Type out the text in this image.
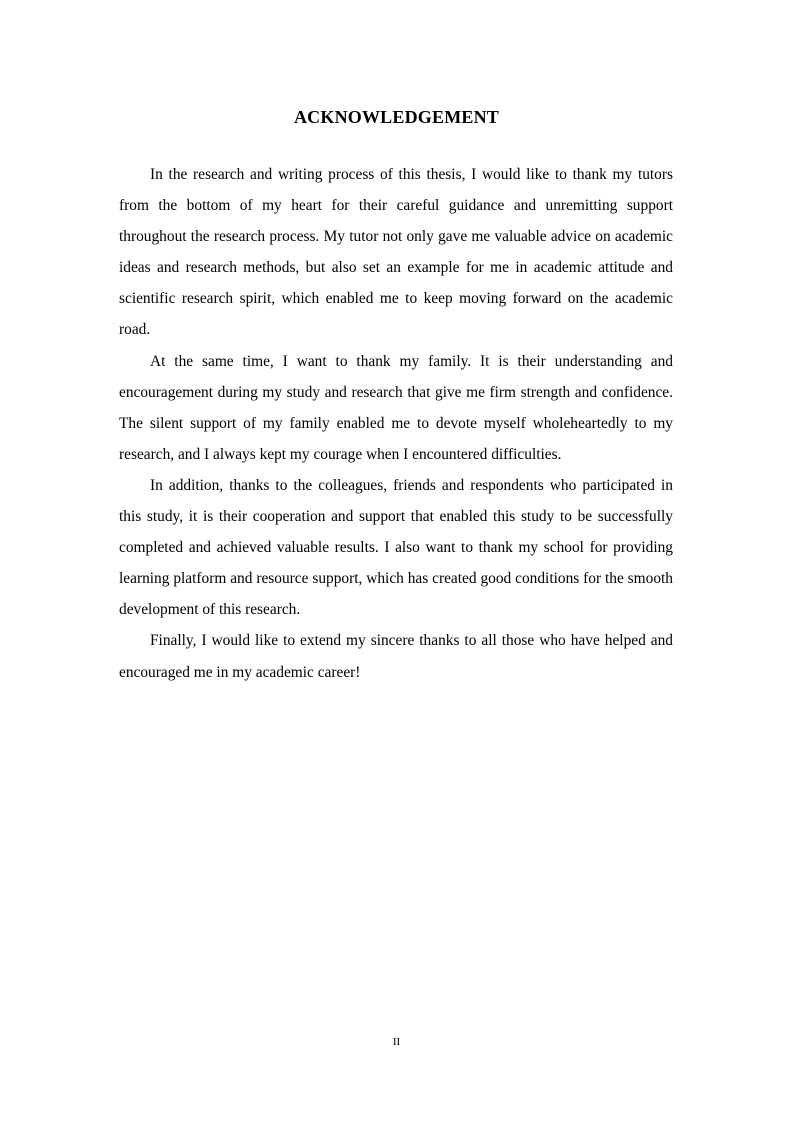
ACKNOWLEDGEMENT

In the research and writing process of this thesis, I would like to thank my tutors from the bottom of my heart for their careful guidance and unremitting support throughout the research process. My tutor not only gave me valuable advice on academic ideas and research methods, but also set an example for me in academic attitude and scientific research spirit, which enabled me to keep moving forward on the academic road.

At the same time, I want to thank my family. It is their understanding and encouragement during my study and research that give me firm strength and confidence. The silent support of my family enabled me to devote myself wholeheartedly to my research, and I always kept my courage when I encountered difficulties.

In addition, thanks to the colleagues, friends and respondents who participated in this study, it is their cooperation and support that enabled this study to be successfully completed and achieved valuable results. I also want to thank my school for providing learning platform and resource support, which has created good conditions for the smooth development of this research.

Finally, I would like to extend my sincere thanks to all those who have helped and encouraged me in my academic career!

II
